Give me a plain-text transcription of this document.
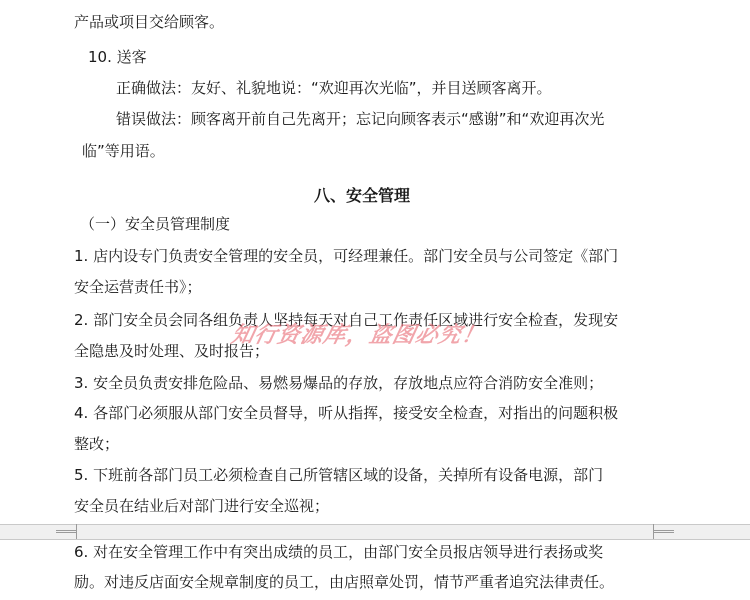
产品或项目交给顾客。
10. 送客
正确做法：友好、礼貌地说：“欢迎再次光临”，并目送顾客离开。
错误做法：顾客离开前自己先离开；忘记向顾客表示“感谢”和“欢迎再次光
临”等用语。
八、安全管理
（一）安全员管理制度
1. 店内设专门负责安全管理的安全员，可经理兼任。部门安全员与公司签定《部门
安全运营责任书》；
2. 部门安全员会同各组负责人坚持每天对自己工作责任区域进行安全检查，发现安
全隐患及时处理、及时报告；
3. 安全员负责安排危险品、易燃易爆品的存放，存放地点应符合消防安全准则；
4. 各部门必须服从部门安全员督导，听从指挥，接受安全检查，对指出的问题积极
整改；
5. 下班前各部门员工必须检查自己所管辖区域的设备，关掉所有设备电源，部门
安全员在结业后对部门进行安全巡视；
6. 对在安全管理工作中有突出成绩的员工，由部门安全员报店领导进行表扬或奖
励。对违反店面安全规章制度的员工，由店照章处罚，情节严重者追究法律责任。
知行资源库，盗图必究！
